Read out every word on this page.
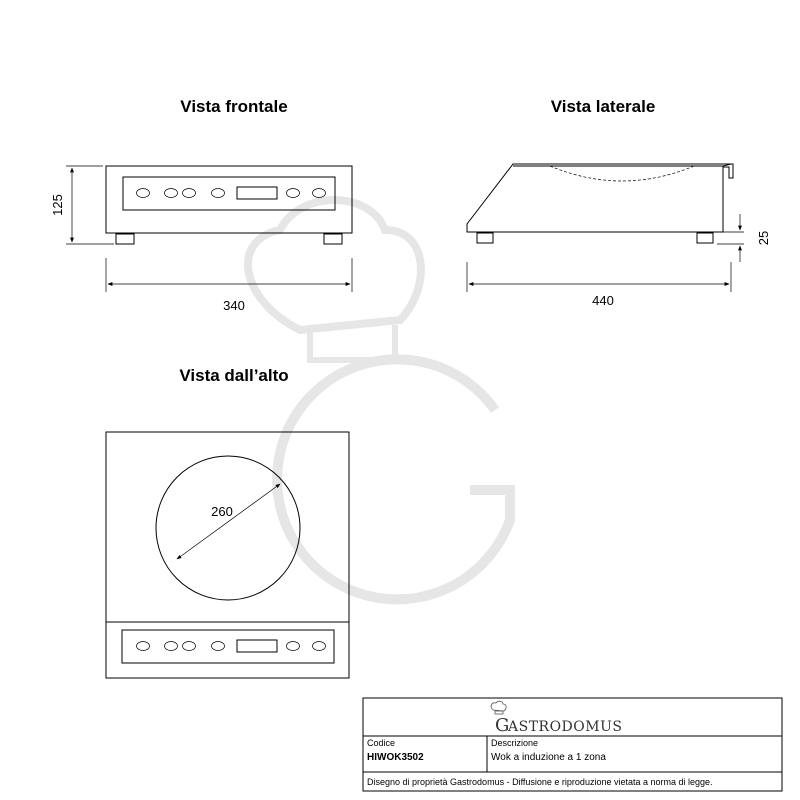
Vista frontale
125
340
Vista laterale
25
440
Vista dall’alto
260
G
ASTRODOMUS
Codice
HIWOK3502
Descrizione
Wok a induzione a 1 zona
Disegno di proprietà Gastrodomus - Diffusione e riproduzione vietata a norma di legge.
